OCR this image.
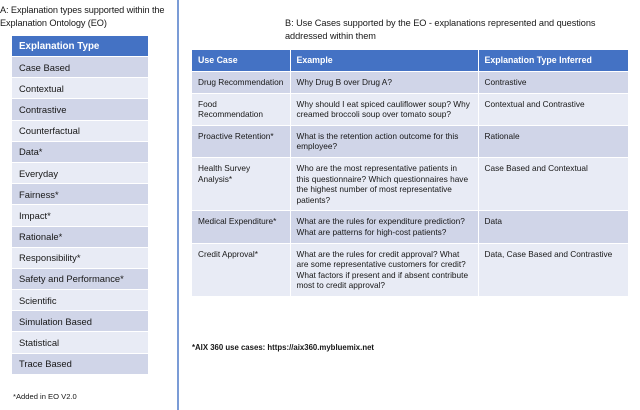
A: Explanation types supported within the Explanation Ontology (EO)
Explanation Type
Case Based
Contextual
Contrastive
Counterfactual
Data*
Everyday
Fairness*
Impact*
Rationale*
Responsibility*
Safety and Performance*
Scientific
Simulation Based
Statistical
Trace Based
*Added in EO V2.0
B: Use Cases supported by the EO - explanations represented and questions addressed within them
Use Case	Example	Explanation Type Inferred
Drug Recommendation	Why Drug B over Drug A?	Contrastive
Food Recommendation	Why should I eat spiced cauliflower soup? Why creamed broccoli soup over tomato soup?	Contextual and Contrastive
Proactive Retention*	What is the retention action outcome for this employee?	Rationale
Health Survey Analysis*	Who are the most representative patients in this questionnaire? Which questionnaires have the highest number of most representative patients?	Case Based and Contextual
Medical Expenditure*	What are the rules for expenditure prediction? What are patterns for high-cost patients?	Data
Credit Approval*	What are the rules for credit approval? What are some representative customers for credit? What factors if present and if absent contribute most to credit approval?	Data, Case Based and Contrastive
*AIX 360 use cases: https://aix360.mybluemix.net
